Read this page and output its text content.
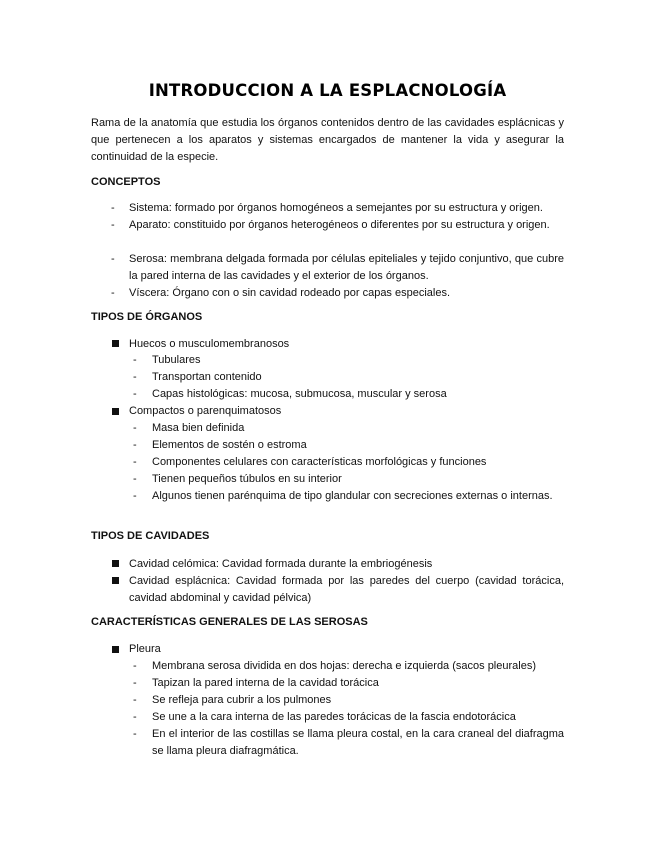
INTRODUCCION A LA ESPLACNOLOGÍA
Rama de la anatomía que estudia los órganos contenidos dentro de las cavidades esplácnicas y que pertenecen a los aparatos y sistemas encargados de mantener la vida y asegurar la continuidad de la especie.
CONCEPTOS
- Sistema: formado por órganos homogéneos a semejantes por su estructura y origen.
- Aparato: constituido por órganos heterogéneos o diferentes por su estructura y origen.
- Serosa: membrana delgada formada por células epiteliales y tejido conjuntivo, que cubre la pared interna de las cavidades y el exterior de los órganos.
- Víscera: Órgano con o sin cavidad rodeado por capas especiales.
TIPOS DE ÓRGANOS
Huecos o musculomembranosos
- Tubulares
- Transportan contenido
- Capas histológicas: mucosa, submucosa, muscular y serosa
Compactos o parenquimatosos
- Masa bien definida
- Elementos de sostén o estroma
- Componentes celulares con características morfológicas y funciones
- Tienen pequeños túbulos en su interior
- Algunos tienen parénquima de tipo glandular con secreciones externas o internas.
TIPOS DE CAVIDADES
Cavidad celómica: Cavidad formada durante la embriogénesis
Cavidad esplácnica: Cavidad formada por las paredes del cuerpo (cavidad torácica, cavidad abdominal y cavidad pélvica)
CARACTERÍSTICAS GENERALES DE LAS SEROSAS
Pleura
- Membrana serosa dividida en dos hojas: derecha e izquierda (sacos pleurales)
- Tapizan la pared interna de la cavidad torácica
- Se refleja para cubrir a los pulmones
- Se une a la cara interna de las paredes torácicas de la fascia endotorácica
- En el interior de las costillas se llama pleura costal, en la cara craneal del diafragma se llama pleura diafragmática.
